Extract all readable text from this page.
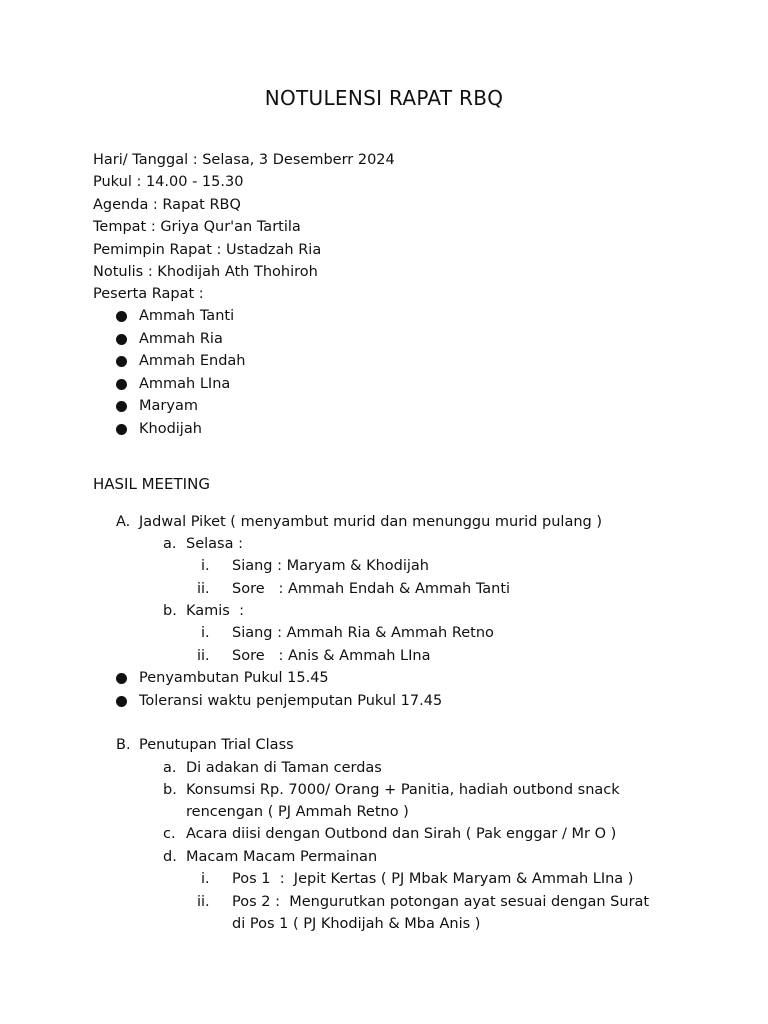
NOTULENSI RAPAT RBQ
Hari/ Tanggal : Selasa, 3 Desemberr 2024
Pukul : 14.00 - 15.30
Agenda : Rapat RBQ
Tempat : Griya Qur'an Tartila
Pemimpin Rapat : Ustadzah Ria
Notulis : Khodijah Ath Thohiroh
Peserta Rapat :
Ammah Tanti
Ammah Ria
Ammah Endah
Ammah LIna
Maryam
Khodijah
HASIL MEETING
A. Jadwal Piket ( menyambut murid dan menunggu murid pulang )
a. Selasa :
i. Siang : Maryam & Khodijah
ii. Sore   : Ammah Endah & Ammah Tanti
b. Kamis  :
i. Siang : Ammah Ria & Ammah Retno
ii. Sore   : Anis & Ammah LIna
Penyambutan Pukul 15.45
Toleransi waktu penjemputan Pukul 17.45
B. Penutupan Trial Class
a. Di adakan di Taman cerdas
b. Konsumsi Rp. 7000/ Orang + Panitia, hadiah outbond snack
rencengan ( PJ Ammah Retno )
c. Acara diisi dengan Outbond dan Sirah ( Pak enggar / Mr O )
d. Macam Macam Permainan
i. Pos 1  :  Jepit Kertas ( PJ Mbak Maryam & Ammah LIna )
ii. Pos 2 :  Mengurutkan potongan ayat sesuai dengan Surat
di Pos 1 ( PJ Khodijah & Mba Anis )
